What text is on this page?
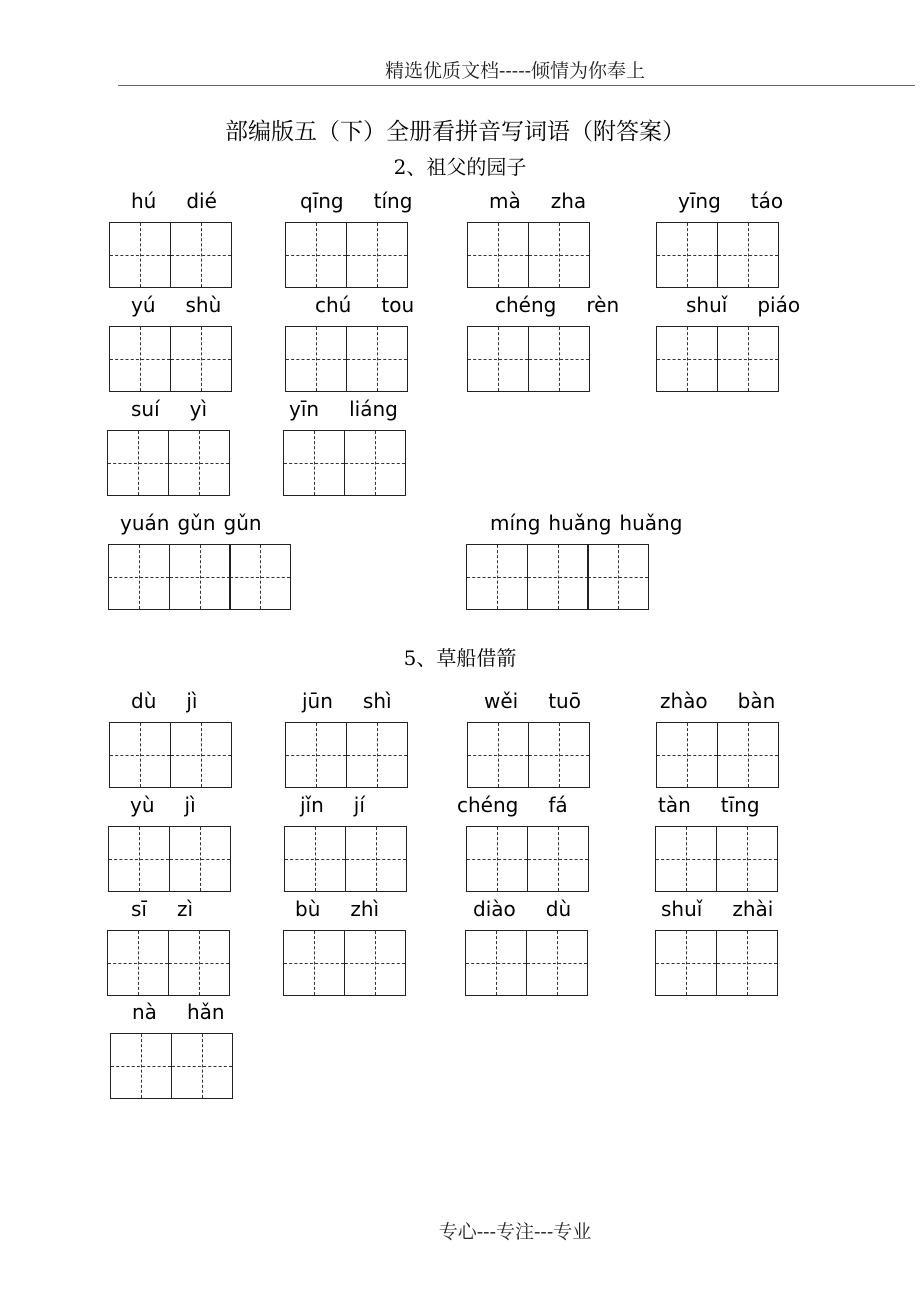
精选优质文档-----倾情为你奉上
部编版五（下）全册看拼音写词语（附答案）
2、祖父的园子
5、草船借箭
专心---专注---专业
hú dié	qīng tíng	mà zha	yīng táo
yú shù	chú tou	chéng rèn	shuǐ piáo
suí yì	yīn liáng
yuán gǔn gǔn	míng huǎng huǎng
dù jì	jūn shì	wěi tuō	zhào bàn
yù jì	jǐn jí	chéng fá	tàn tīng
sī zì	bù zhì	diào dù	shuǐ zhài
nà hǎn
